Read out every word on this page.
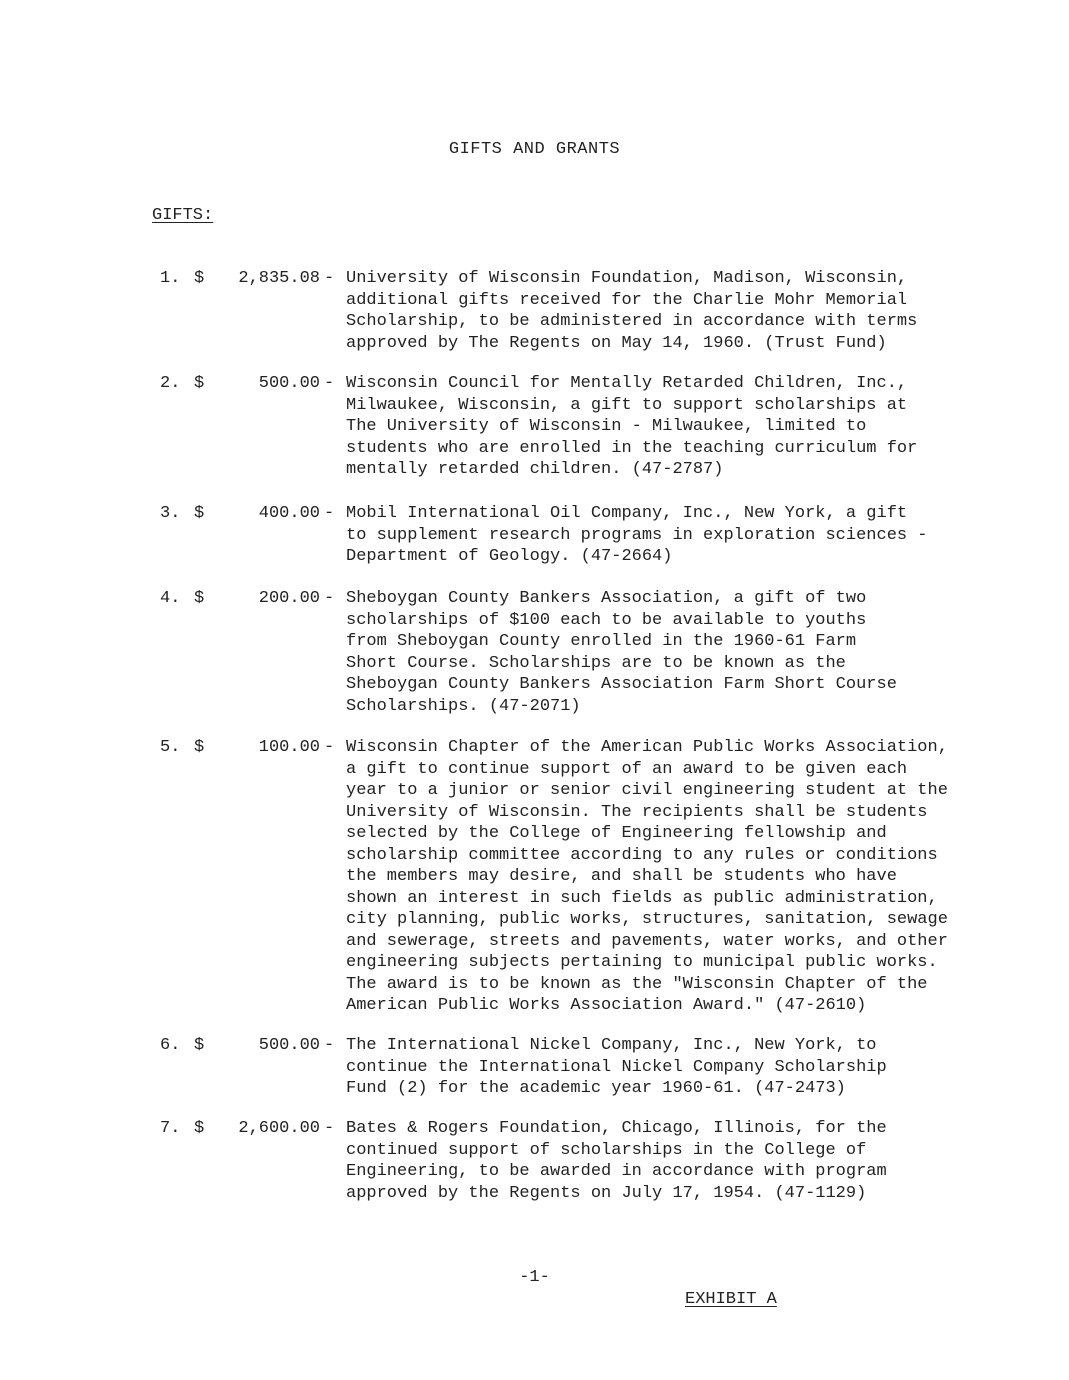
GIFTS AND GRANTS
GIFTS:
1. $	2,835.08 - University of Wisconsin Foundation, Madison, Wisconsin,
additional gifts received for the Charlie Mohr Memorial
Scholarship, to be administered in accordance with terms
approved by The Regents on May 14, 1960. (Trust Fund)
2. $	500.00 - Wisconsin Council for Mentally Retarded Children, Inc.,
Milwaukee, Wisconsin, a gift to support scholarships at
The University of Wisconsin - Milwaukee, limited to
students who are enrolled in the teaching curriculum for
mentally retarded children. (47-2787)
3. $	400.00 - Mobil International Oil Company, Inc., New York, a gift
to supplement research programs in exploration sciences -
Department of Geology. (47-2664)
4. $	200.00 - Sheboygan County Bankers Association, a gift of two
scholarships of $100 each to be available to youths
from Sheboygan County enrolled in the 1960-61 Farm
Short Course. Scholarships are to be known as the
Sheboygan County Bankers Association Farm Short Course
Scholarships. (47-2071)
5. $	100.00 - Wisconsin Chapter of the American Public Works Association,
a gift to continue support of an award to be given each
year to a junior or senior civil engineering student at the
University of Wisconsin. The recipients shall be students
selected by the College of Engineering fellowship and
scholarship committee according to any rules or conditions
the members may desire, and shall be students who have
shown an interest in such fields as public administration,
city planning, public works, structures, sanitation, sewage
and sewerage, streets and pavements, water works, and other
engineering subjects pertaining to municipal public works.
The award is to be known as the "Wisconsin Chapter of the
American Public Works Association Award." (47-2610)
6. $	500.00 - The International Nickel Company, Inc., New York, to
continue the International Nickel Company Scholarship
Fund (2) for the academic year 1960-61. (47-2473)
7. $	2,600.00 - Bates & Rogers Foundation, Chicago, Illinois, for the
continued support of scholarships in the College of
Engineering, to be awarded in accordance with program
approved by the Regents on July 17, 1954. (47-1129)
-1-
EXHIBIT A
